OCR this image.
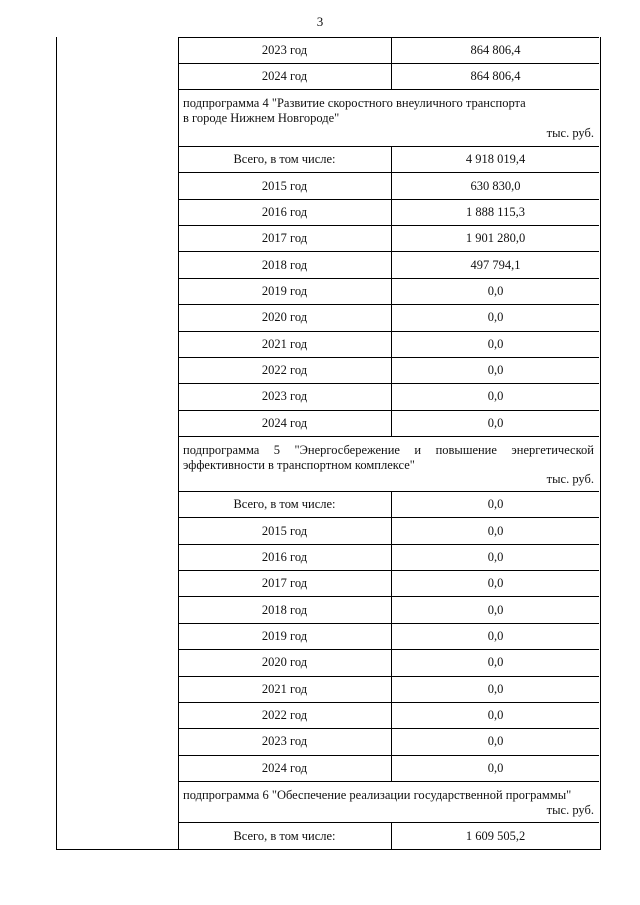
3
2023 год	864 806,4
2024 год	864 806,4
подпрограмма 4 "Развитие скоростного внеуличного транспорта
в городе Нижнем Новгороде"
тыс. руб.
Всего, в том числе:	4 918 019,4
2015 год	630 830,0
2016 год	1 888 115,3
2017 год	1 901 280,0
2018 год	497 794,1
2019 год	0,0
2020 год	0,0
2021 год	0,0
2022 год	0,0
2023 год	0,0
2024 год	0,0
подпрограмма 5 "Энергосбережение и повышение энергетической
эффективности в транспортном комплексе"
тыс. руб.
Всего, в том числе:	0,0
2015 год	0,0
2016 год	0,0
2017 год	0,0
2018 год	0,0
2019 год	0,0
2020 год	0,0
2021 год	0,0
2022 год	0,0
2023 год	0,0
2024 год	0,0
подпрограмма 6 "Обеспечение реализации государственной программы"
тыс. руб.
Всего, в том числе:	1 609 505,2
